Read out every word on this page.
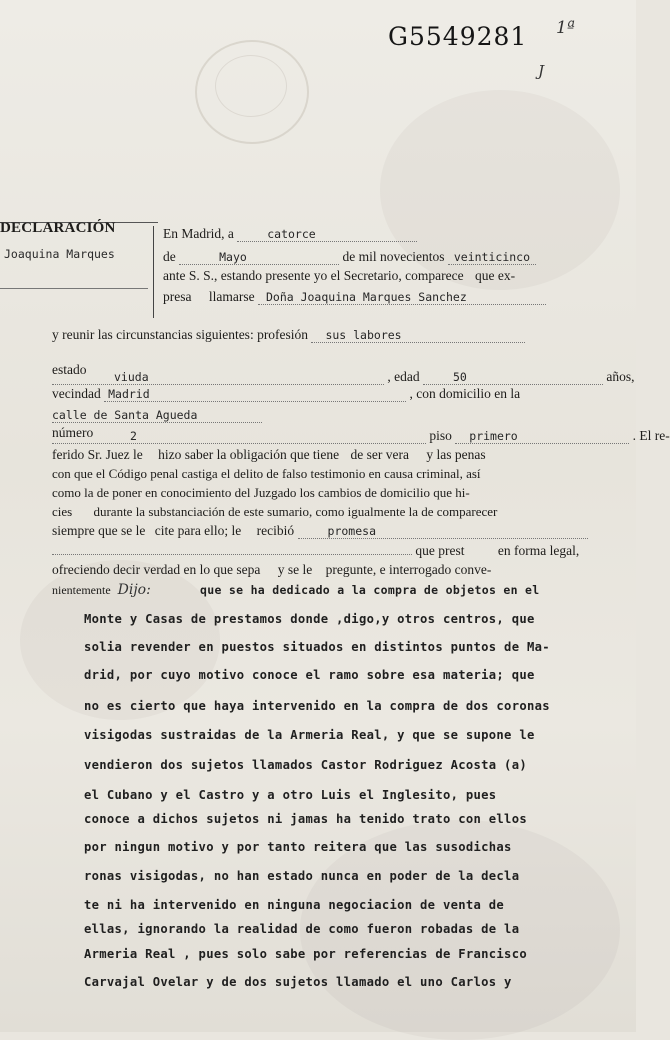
G5549281 1ª
J
DECLARACIÓN
Joaquina Marques
En Madrid, a	catorce
de	Mayo	de mil novecientos veinticinco
ante S. S., estando presente yo el Secretario, comparece que ex-
presa llamarse Doña Joaquina Marques Sanchez
y reunir las circunstancias siguientes: profesión sus labores
estado	viuda	, edad	50	años,
vecindad Madrid	, con domicilio en la
calle de Santa Agueda
número	2	piso primero	. El re-
ferido Sr. Juez le hizo saber la obligación que tiene de ser vera y las penas
con que el Código penal castiga el delito de falso testimonio en causa criminal, así
como la de poner en conocimiento del Juzgado los cambios de domicilio que hi-
cies durante la substanciación de este sumario, como igualmente la de comparecer
siempre que se le cite para ello; le recibió	promesa
que prest en forma legal,
ofreciendo decir verdad en lo que sepa y se le pregunte, e interrogado conve-
nientemente Dijo:	que se ha dedicado a la compra de objetos en el
Monte y Casas de prestamos donde ,digo,y otros centros, que
solia revender en puestos situados en distintos puntos de Ma-
drid, por cuyo motivo conoce el ramo sobre esa materia; que
no es cierto que haya intervenido en la compra de dos coronas
visigodas sustraidas de la Armeria Real, y que se supone le
vendieron dos sujetos llamados Castor Rodriguez Acosta (a)
el Cubano y el Castro y a otro Luis el Inglesito, pues
conoce a dichos sujetos ni jamas ha tenido trato con ellos
por ningun motivo y por tanto reitera que las susodichas
ronas visigodas, no han estado nunca en poder de la decla
te ni ha intervenido en ninguna negociacion de venta de
ellas, ignorando la realidad de como fueron robadas de la
Armeria Real , pues solo sabe por referencias de Francisco
Carvajal Ovelar y de dos sujetos llamado el uno Carlos y
